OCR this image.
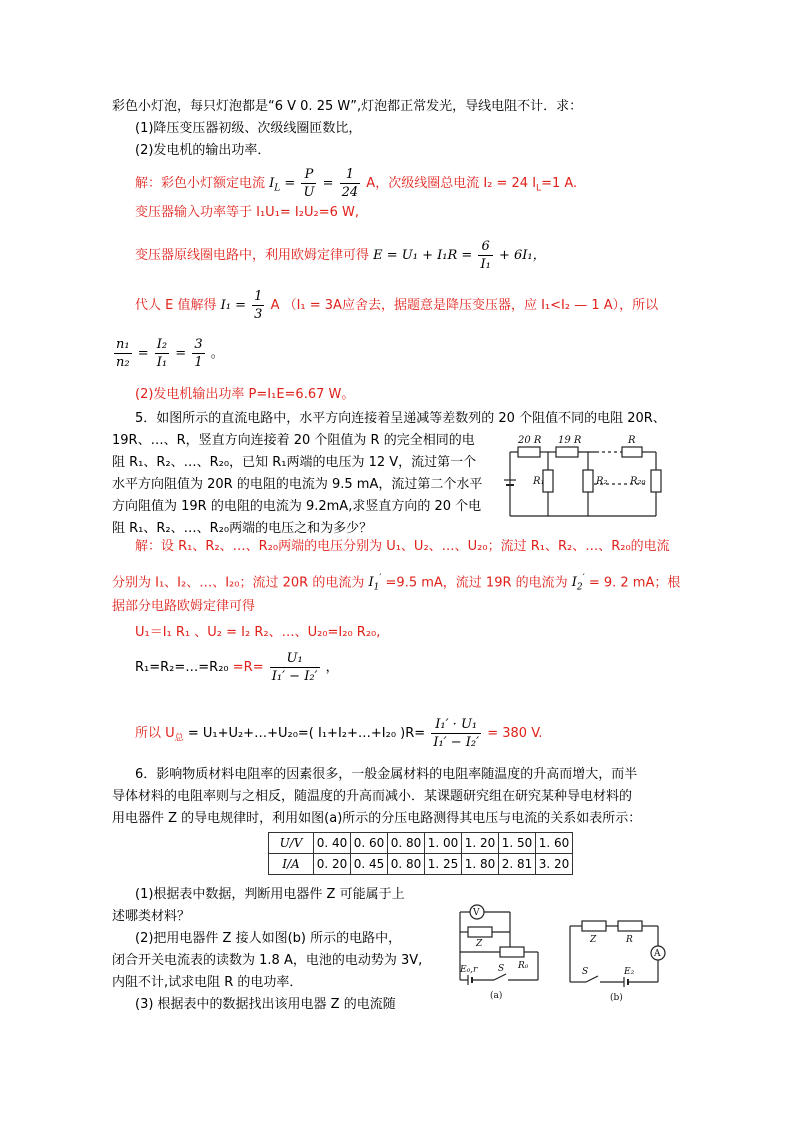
彩色小灯泡，每只灯泡都是“6 V 0. 25 W”,灯泡都正常发光，导线电阻不计．求：
(1)降压变压器初级、次级线圈匝数比，
(2)发电机的输出功率．
解：彩色小灯额定电流 $I_L = \frac{P}{U} = \frac{1}{24}$ A，次级线圈总电流 I₂ = 24 $I_L=1$ A.
变压器输入功率等于 I₁U₁= I₂U₂=6 W,
变压器原线圈电路中，利用欧姆定律可得 $E = U_1 + I_1R = \frac{6}{\text{I₁}} + 6I_1$，
代人 E 值解得 $I_1 = \frac{1}{3}$ A （I₁ = 3A应舍去，据题意是降压变压器，应 I₁<I₂ — 1 A），所以
$\frac{\text{n₁}}{\text{n₂}} = \frac{\text{I₂}}{\text{I₁}} = \frac{3}{1}$ 。
(2)发电机输出功率 P=I₁E=6.67 W。
5．如图所示的直流电路中，水平方向连接着呈递减等差数列的 20 个阻值不同的电阻 20R、
19R、…、R，竖直方向连接着 20 个阻值为 R 的完全相同的电
阻 R₁、R₂、…、R₂₀，已知 R₁两端的电压为 12 V，流过第一个
水平方向阻值为 20R 的电阻的电流为 9.5 mA，流过第二个水平
方向阻值为 19R 的电阻的电流为 9.2mA,求竖直方向的 20 个电
阻 R₁、R₂、…、R₂₀两端的电压之和为多少？
20 R 19 R	R
R₁	R₂ R₂₀
解：设 R₁、R₂、…、R₂₀两端的电压分别为 U₁、U₂、…、U₂₀；流过 R₁、R₂、…、R₂₀的电流
分别为 I₁、I₂、…、I₂₀；流过 20R 的电流为 $I_1' =9.5$ mA，流过 19R 的电流为 $I_2' = 9$. 2 mA；根
据部分电路欧姆定律可得
U₁＝I₁ R₁ 、U₂ = I₂ R₂、…、U₂₀=I₂₀ R₂₀,
R₁=R₂=…=R₂₀ $=R= \frac{\text{U₁}}{\text{I₁′ − I₂′}}$ ，
所以 $U_总$ = U₁+U₂+…+U₂₀=( I₁+I₂+…+I₂₀ )$R= \frac{\text{I₁′ · U₁}}{\text{I₁′ − I₂′}} = 380$ V.
6．影响物质材料电阻率的因素很多，一般金属材料的电阻率随温度的升高而增大，而半
导体材料的电阻率则与之相反，随温度的升高而减小．某课题研究组在研究某种导电材料的
用电器件 Z 的导电规律时，利用如图(a)所示的分压电路测得其电压与电流的关系如表所示：
U/V	0. 40	0. 60	0. 80	1. 00	1. 20	1. 50	1. 60
I/A	0. 20	0. 45	0. 80	1. 25	1. 80	2. 81	3. 20
(1)根据表中数据，判断用电器件 Z 可能属于上
述哪类材料？
(2)把用电器件 Z 接人如图(b) 所示的电路中，
闭合开关电流表的读数为 1.8 A，电池的电动势为 3V,
内阻不计,试求电阻 R 的电功率．
(3) 根据表中的数据找出该用电器 Z 的电流随
V
Z
R₀
E₀,r S
(a)
Z	R
A
S	E₂
(b)
